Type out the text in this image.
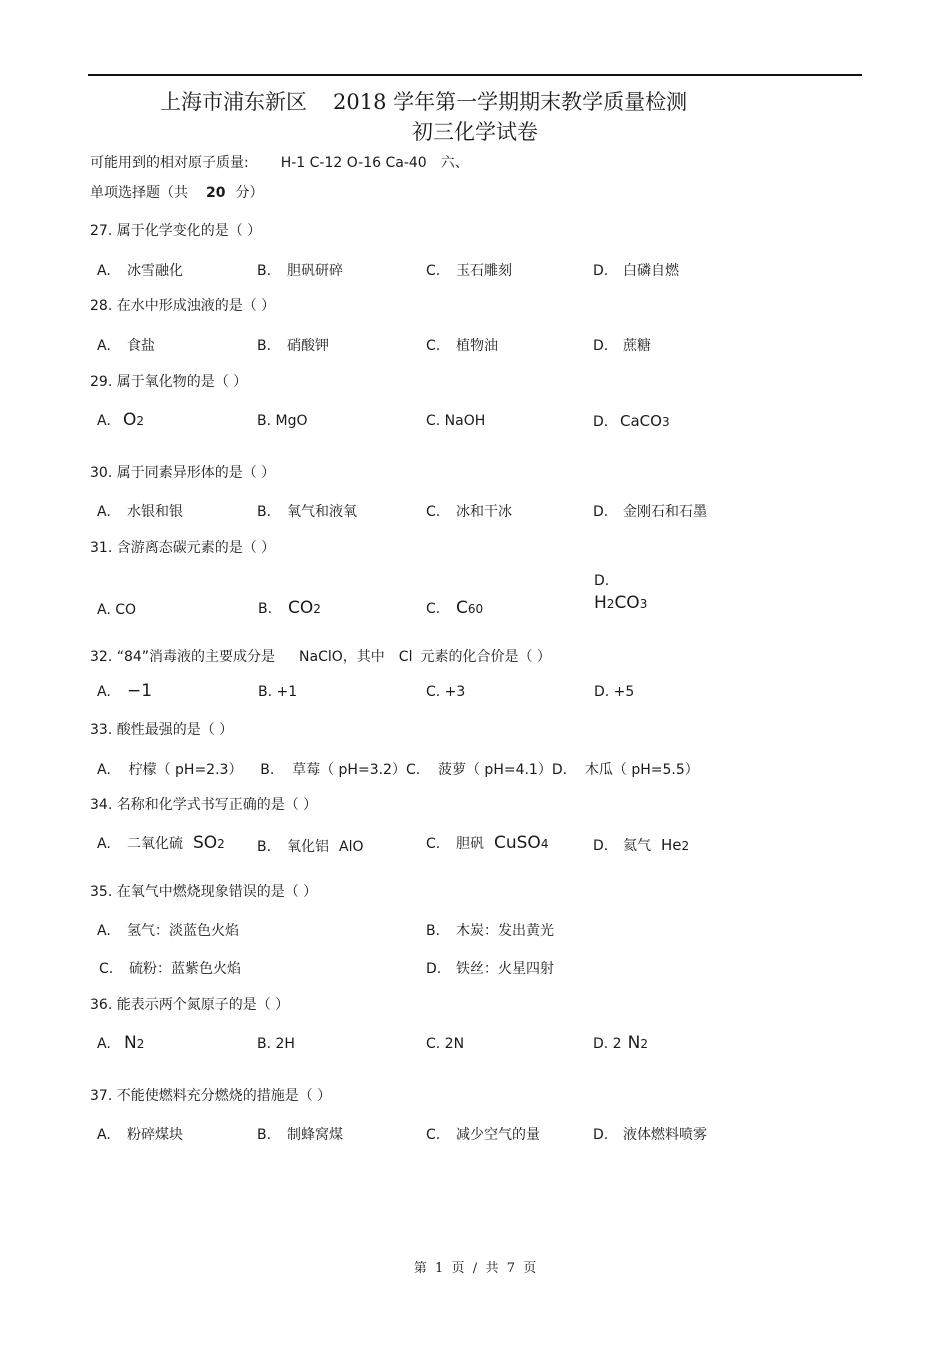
上海市浦东新区 2018 学年第一学期期末教学质量检测
初三化学试卷
可能用到的相对原子质量: H-1 C-12 O-16 Ca-40 六、
单项选择题（共 20 分）
27. 属于化学变化的是（ ）
A. 冰雪融化	B. 胆矾研碎	C. 玉石雕刻	D. 白磷自燃
28. 在水中形成浊液的是（ ）
A. 食盐	B. 硝酸钾	C. 植物油	D. 蔗糖
29. 属于氧化物的是（ ）
A. O2	B. MgO	C. NaOH	D. CaCO3
30. 属于同素异形体的是（ ）
A. 水银和银	B. 氧气和液氧	C. 冰和干冰	D. 金刚石和石墨
31. 含游离态碳元素的是（ ）
A. CO	B. CO2	C. C60
D.
H2CO3
32. “84”消毒液的主要成分是 NaClO，其中 Cl 元素的化合价是（ ）
A. −1	B. +1	C. +3	D. +5
33. 酸性最强的是（ ）
A.    柠檬（ pH=2.3）    B.    草莓（ pH=3.2）C.    菠萝（ pH=4.1）D.    木瓜（ pH=5.5）
34. 名称和化学式书写正确的是（ ）
A. 二氧化硫 SO2 B. 氧化铝 AlO	C. 胆矾 CuSO4	D. 氦气 He2
35. 在氧气中燃烧现象错误的是（ ）
A. 氢气：淡蓝色火焰	B. 木炭：发出黄光
C. 硫粉：蓝紫色火焰	D. 铁丝：火星四射
36. 能表示两个氮原子的是（ ）
A. N2	B. 2H	C. 2N	D. 2 N2
37. 不能使燃料充分燃烧的措施是（ ）
A. 粉碎煤块	B. 制蜂窝煤	C. 减少空气的量	D. 液体燃料喷雾
第  1  页  /  共  7  页
